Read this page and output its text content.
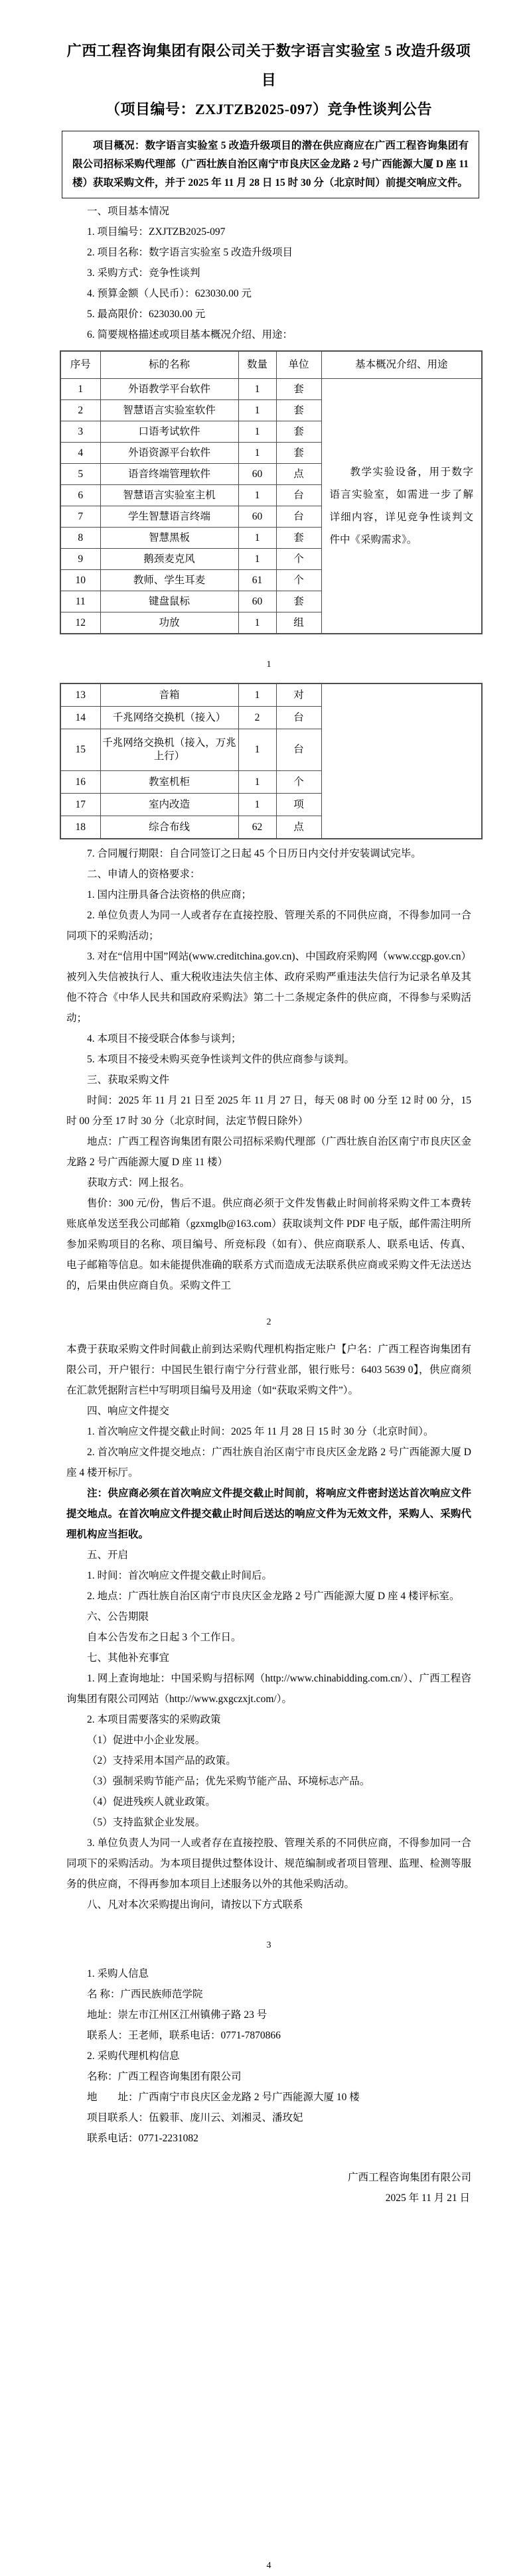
广西工程咨询集团有限公司关于数字语言实验室 5 改造升级项目
（项目编号：ZXJTZB2025-097）竞争性谈判公告

项目概况：数字语言实验室 5 改造升级项目的潜在供应商应在广西工程咨询集团有限公司招标采购代理部（广西壮族自治区南宁市良庆区金龙路 2 号广西能源大厦 D 座 11 楼）获取采购文件，并于 2025 年 11 月 28 日 15 时 30 分（北京时间）前提交响应文件。

一、项目基本情况

1. 项目编号：ZXJTZB2025-097

2. 项目名称：数字语言实验室 5 改造升级项目

3. 采购方式：竞争性谈判

4. 预算金额（人民币）：623030.00 元

5. 最高限价：623030.00 元

6. 简要规格描述或项目基本概况介绍、用途：

序号	标的名称	数量	单位	基本概况介绍、用途
1	外语教学平台软件	1	套	教学实验设备，用于数字语言实验室，如需进一步了解详细内容，详见竞争性谈判文件中《采购需求》。

2	智慧语言实验室软件	1	套	
3	口语考试软件	1	套	
4	外语资源平台软件	1	套	
5	语音终端管理软件	60	点	
6	智慧语言实验室主机	1	台	
7	学生智慧语言终端	60	台	
8	智慧黑板	1	套	
9	鹅颈麦克风	1	个	
10	教师、学生耳麦	61	个	
11	键盘鼠标	60	套	
12	功放	1	组	
1
13	音箱	1	对	
14	千兆网络交换机（接入）	2	台	
15	千兆网络交换机（接入，万兆上行）	1	台	
16	教室机柜	1	个	
17	室内改造	1	项	
18	综合布线	62	点	

7. 合同履行期限：自合同签订之日起 45 个日历日内交付并安装调试完毕。

二、申请人的资格要求：

1. 国内注册具备合法资格的供应商；

2. 单位负责人为同一人或者存在直接控股、管理关系的不同供应商，不得参加同一合同项下的采购活动；

3. 对在“信用中国”网站(www.creditchina.gov.cn)、中国政府采购网（www.ccgp.gov.cn）被列入失信被执行人、重大税收违法失信主体、政府采购严重违法失信行为记录名单及其他不符合《中华人民共和国政府采购法》第二十二条规定条件的供应商，不得参与采购活动；

4. 本项目不接受联合体参与谈判；

5. 本项目不接受未购买竞争性谈判文件的供应商参与谈判。

三、获取采购文件

时间：2025 年 11 月 21 日至 2025 年 11 月 27 日，每天 08 时 00 分至 12 时 00 分，15 时 00 分至 17 时 30 分（北京时间，法定节假日除外）

地点：广西工程咨询集团有限公司招标采购代理部（广西壮族自治区南宁市良庆区金龙路 2 号广西能源大厦 D 座 11 楼）

获取方式：网上报名。

售价：300 元/份，售后不退。供应商必须于文件发售截止时间前将采购文件工本费转账底单发送至我公司邮箱（gzxmglb@163.com）获取谈判文件 PDF 电子版，邮件需注明所参加采购项目的名称、项目编号、所竞标段（如有）、供应商联系人、联系电话、传真、电子邮箱等信息。如未能提供准确的联系方式而造成无法联系供应商或采购文件无法送达的，后果由供应商自负。采购文件工

2

本费于获取采购文件时间截止前到达采购代理机构指定账户【户名：广西工程咨询集团有限公司，开户银行：中国民生银行南宁分行营业部，银行账号：6403 5639 0】，供应商须在汇款凭据附言栏中写明项目编号及用途（如“获取采购文件”）。

四、响应文件提交

1. 首次响应文件提交截止时间：2025 年 11 月 28 日 15 时 30 分（北京时间）。

2. 首次响应文件提交地点：广西壮族自治区南宁市良庆区金龙路 2 号广西能源大厦 D 座 4 楼开标厅。

注：供应商必须在首次响应文件提交截止时间前，将响应文件密封送达首次响应文件提交地点。在首次响应文件提交截止时间后送达的响应文件为无效文件，采购人、采购代理机构应当拒收。

五、开启

1. 时间：首次响应文件提交截止时间后。

2. 地点：广西壮族自治区南宁市良庆区金龙路 2 号广西能源大厦 D 座 4 楼评标室。

六、公告期限

自本公告发布之日起 3 个工作日。

七、其他补充事宜

1. 网上查询地址：中国采购与招标网（http://www.chinabidding.com.cn/）、广西工程咨询集团有限公司网站（http://www.gxgczxjt.com/）。

2. 本项目需要落实的采购政策

（1）促进中小企业发展。

（2）支持采用本国产品的政策。

（3）强制采购节能产品；优先采购节能产品、环境标志产品。

（4）促进残疾人就业政策。

（5）支持监狱企业发展。

3. 单位负责人为同一人或者存在直接控股、管理关系的不同供应商，不得参加同一合同项下的采购活动。为本项目提供过整体设计、规范编制或者项目管理、监理、检测等服务的供应商，不得再参加本项目上述服务以外的其他采购活动。

八、凡对本次采购提出询问，请按以下方式联系

3

1. 采购人信息

名 称：广西民族师范学院

地址：崇左市江州区江州镇佛子路 23 号

联系人：王老师，联系电话：0771-7870866

2. 采购代理机构信息

名称：广西工程咨询集团有限公司

地　　址：广西南宁市良庆区金龙路 2 号广西能源大厦 10 楼

项目联系人：伍毅菲、庞川云、刘湘灵、潘玫妃

联系电话：0771-2231082

广西工程咨询集团有限公司
2025 年 11 月 21 日
4
